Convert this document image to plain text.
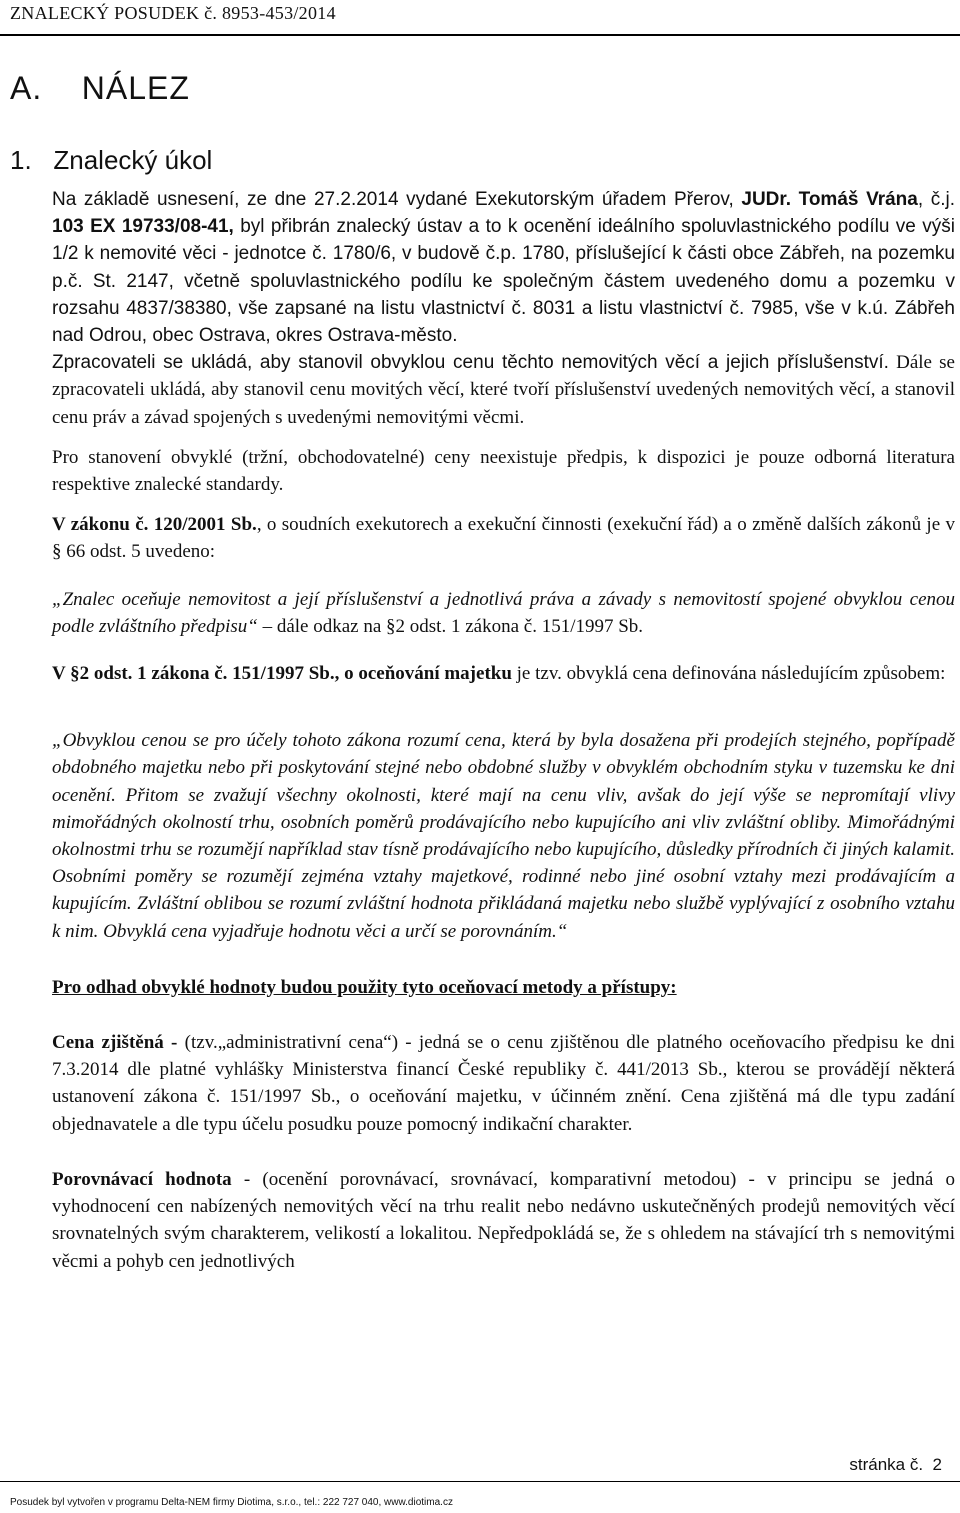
ZNALECKÝ POSUDEK č. 8953-453/2014
A. NÁLEZ
1. Znalecký úkol

Na základě usnesení, ze dne 27.2.2014 vydané Exekutorským úřadem Přerov, JUDr. Tomáš Vrána, č.j. 103 EX 19733/08-41, byl přibrán znalecký ústav a to k ocenění ideálního spoluvlastnického podílu ve výši 1/2 k nemovité věci - jednotce č. 1780/6, v budově č.p. 1780, příslušející k části obce Zábřeh, na pozemku p.č. St. 2147, včetně spoluvlastnického podílu ke společným částem uvedeného domu a pozemku v rozsahu 4837/38380, vše zapsané na listu vlastnictví č. 8031 a listu vlastnictví č. 7985, vše v k.ú. Zábřeh nad Odrou, obec Ostrava, okres Ostrava-město.

Zpracovateli se ukládá, aby stanovil obvyklou cenu těchto nemovitých věcí a jejich příslušenství. Dále se zpracovateli ukládá, aby stanovil cenu movitých věcí, které tvoří příslušenství uvedených nemovitých věcí, a stanovil cenu práv a závad spojených s uvedenými nemovitými věcmi.

Pro stanovení obvyklé (tržní, obchodovatelné) ceny neexistuje předpis, k dispozici je pouze odborná literatura respektive znalecké standardy.

V zákonu č. 120/2001 Sb., o soudních exekutorech a exekuční činnosti (exekuční řád) a o změně dalších zákonů je v § 66 odst. 5 uvedeno:

„Znalec oceňuje nemovitost a její příslušenství a jednotlivá práva a závady s nemovitostí spojené obvyklou cenou podle zvláštního předpisu“ – dále odkaz na §2 odst. 1 zákona č. 151/1997 Sb.

V §2 odst. 1 zákona č. 151/1997 Sb., o oceňování majetku je tzv. obvyklá cena definována následujícím způsobem:

„Obvyklou cenou se pro účely tohoto zákona rozumí cena, která by byla dosažena při prodejích stejného, popřípadě obdobného majetku nebo při poskytování stejné nebo obdobné služby v obvyklém obchodním styku v tuzemsku ke dni ocenění. Přitom se zvažují všechny okolnosti, které mají na cenu vliv, avšak do její výše se nepromítají vlivy mimořádných okolností trhu, osobních poměrů prodávajícího nebo kupujícího ani vliv zvláštní obliby. Mimořádnými okolnostmi trhu se rozumějí například stav tísně prodávajícího nebo kupujícího, důsledky přírodních či jiných kalamit. Osobními poměry se rozumějí zejména vztahy majetkové, rodinné nebo jiné osobní vztahy mezi prodávajícím a kupujícím. Zvláštní oblibou se rozumí zvláštní hodnota přikládaná majetku nebo službě vyplývající z osobního vztahu k nim. Obvyklá cena vyjadřuje hodnotu věci a určí se porovnáním.“

Pro odhad obvyklé hodnoty budou použity tyto oceňovací metody a přístupy:

Cena zjištěná - (tzv.„administrativní cena“) - jedná se o cenu zjištěnou dle platného oceňovacího předpisu ke dni 7.3.2014 dle platné vyhlášky Ministerstva financí České republiky č. 441/2013 Sb., kterou se provádějí některá ustanovení zákona č. 151/1997 Sb., o oceňování majetku, v účinném znění. Cena zjištěná má dle typu zadání objednavatele a dle typu účelu posudku pouze pomocný indikační charakter.

Porovnávací hodnota - (ocenění porovnávací, srovnávací, komparativní metodou) - v principu se jedná o vyhodnocení cen nabízených nemovitých věcí na trhu realit nebo nedávno uskutečněných prodejů nemovitých věcí srovnatelných svým charakterem, velikostí a lokalitou. Nepředpokládá se, že s ohledem na stávající trh s nemovitými věcmi a pohyb cen jednotlivých

stránka č. 2
Posudek byl vytvořen v programu Delta-NEM firmy Diotima, s.r.o., tel.: 222 727 040, www.diotima.cz
